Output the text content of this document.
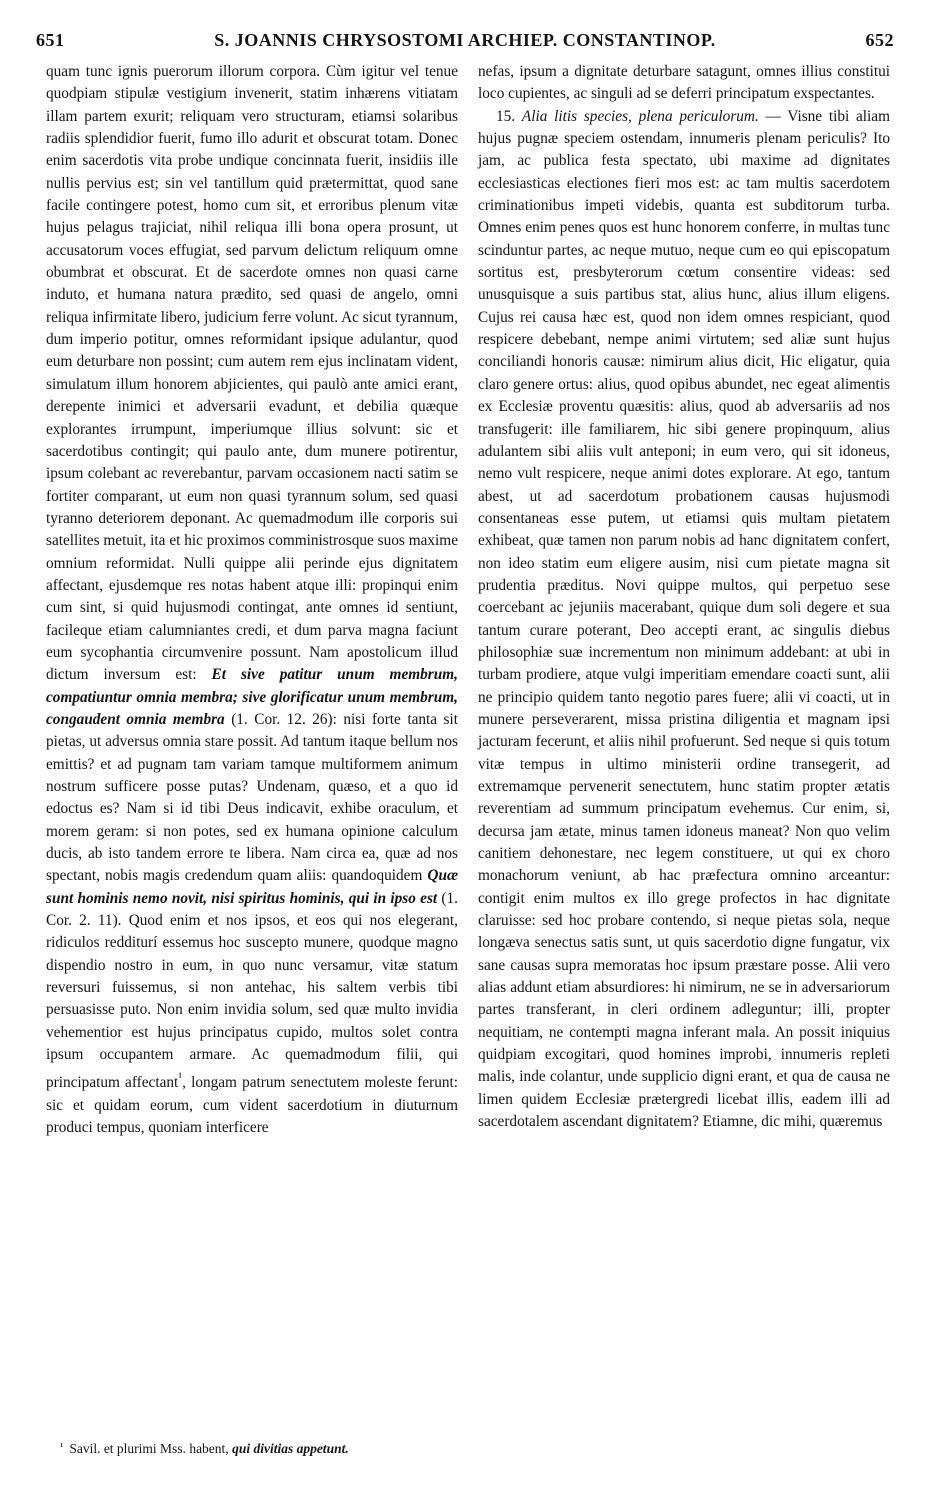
651	S. JOANNIS CHRYSOSTOMI ARCHIEP. CONSTANTINOP.	652

quam tunc ignis puerorum illorum corpora. Cùm igitur vel tenue quodpiam stipulæ vestigium invenerit, statim inhærens vitiatam illam partem exurit; reliquam vero structuram, etiamsi solaribus radiis splendidior fuerit, fumo illo adurit et obscurat totam. Donec enim sacerdotis vita probe undique concinnata fuerit, insidiis ille nullis pervius est; sin vel tantillum quid prætermittat, quod sane facile contingere potest, homo cum sit, et erroribus plenum vitæ hujus pelagus trajiciat, nihil reliqua illi bona opera prosunt, ut accusatorum voces effugiat, sed parvum delictum reliquum omne obumbrat et obscurat. Et de sacerdote omnes non quasi carne induto, et humana natura prædito, sed quasi de angelo, omni reliqua infirmitate libero, judicium ferre volunt. Ac sicut tyrannum, dum imperio potitur, omnes reformidant ipsique adulantur, quod eum deturbare non possint; cum autem rem ejus inclinatam vident, simulatum illum honorem abjicientes, qui paulò ante amici erant, derepente inimici et adversarii evadunt, et debilia quæque explorantes irrumpunt, imperiumque illius solvunt: sic et sacerdotibus contingit; qui paulo ante, dum munere potirentur, ipsum colebant ac reverebantur, parvam occasionem nacti satim se fortiter comparant, ut eum non quasi tyrannum solum, sed quasi tyranno deteriorem deponant. Ac quemadmodum ille corporis sui satellites metuit, ita et hic proximos comministrosque suos maxime omnium reformidat. Nulli quippe alii perinde ejus dignitatem affectant, ejusdemque res notas habent atque illi: propinqui enim cum sint, si quid hujusmodi contingat, ante omnes id sentiunt, facileque etiam calumniantes credi, et dum parva magna faciunt eum sycophantia circumvenire possunt. Nam apostolicum illud dictum inversum est: Et sive patitur unum membrum, compatiuntur omnia membra; sive glorificatur unum membrum, congaudent omnia membra (1. Cor. 12. 26): nisi forte tanta sit pietas, ut adversus omnia stare possit. Ad tantum itaque bellum nos emittis? et ad pugnam tam variam tamque multiformem animum nostrum sufficere posse putas? Undenam, quæso, et a quo id edoctus es? Nam si id tibi Deus indicavit, exhibe oraculum, et morem geram: si non potes, sed ex humana opinione calculum ducis, ab isto tandem errore te libera. Nam circa ea, quæ ad nos spectant, nobis magis credendum quam aliis: quandoquidem Quæ sunt hominis nemo novit, nisi spiritus hominis, qui in ipso est (1. Cor. 2. 11). Quod enim et nos ipsos, et eos qui nos elegerant, ridiculos redditurí essemus hoc suscepto munere, quodque magno dispendio nostro in eum, in quo nunc versamur, vitæ statum reversuri fuissemus, si non antehac, his saltem verbis tibi persuasisse puto. Non enim invidia solum, sed quæ multo invidia vehementior est hujus principatus cupido, multos solet contra ipsum occupantem armare. Ac quemadmodum filii, qui principatum affectant$^{^1}$, longam patrum senectutem moleste ferunt: sic et quidam eorum, cum vident sacerdotium in diuturnum produci tempus, quoniam interficere

nefas, ipsum a dignitate deturbare satagunt, omnes illius constitui loco cupientes, ac singuli ad se deferri principatum exspectantes.

15. Alia litis species, plena periculorum. — Visne tibi aliam hujus pugnæ speciem ostendam, innumeris plenam periculis? Ito jam, ac publica festa spectato, ubi maxime ad dignitates ecclesiasticas electiones fieri mos est: ac tam multis sacerdotem criminationibus impeti videbis, quanta est subditorum turba. Omnes enim penes quos est hunc honorem conferre, in multas tunc scinduntur partes, ac neque mutuo, neque cum eo qui episcopatum sortitus est, presbyterorum cœtum consentire videas: sed unusquisque a suis partibus stat, alius hunc, alius illum eligens. Cujus rei causa hæc est, quod non idem omnes respiciant, quod respicere debebant, nempe animi virtutem; sed aliæ sunt hujus conciliandi honoris causæ: nimirum alius dicit, Hic eligatur, quia claro genere ortus: alius, quod opibus abundet, nec egeat alimentis ex Ecclesiæ proventu quæsitis: alius, quod ab adversariis ad nos transfugerit: ille familiarem, hic sibi genere propinquum, alius adulantem sibi aliis vult anteponi; in eum vero, qui sit idoneus, nemo vult respicere, neque animi dotes explorare. At ego, tantum abest, ut ad sacerdotum probationem causas hujusmodi consentaneas esse putem, ut etiamsi quis multam pietatem exhibeat, quæ tamen non parum nobis ad hanc dignitatem confert, non ideo statim eum eligere ausim, nisi cum pietate magna sit prudentia præditus. Novi quippe multos, qui perpetuo sese coercebant ac jejuniis macerabant, quique dum soli degere et sua tantum curare poterant, Deo accepti erant, ac singulis diebus philosophiæ suæ incrementum non minimum addebant: at ubi in turbam prodiere, atque vulgi imperitiam emendare coacti sunt, alii ne principio quidem tanto negotio pares fuere; alii vi coacti, ut in munere perseverarent, missa pristina diligentia et magnam ipsi jacturam fecerunt, et aliis nihil profuerunt. Sed neque si quis totum vitæ tempus in ultimo ministerii ordine transegerit, ad extremamque pervenerit senectutem, hunc statim propter ætatis reverentiam ad summum principatum evehemus. Cur enim, si, decursa jam ætate, minus tamen idoneus maneat? Non quo velim canitiem dehonestare, nec legem constituere, ut qui ex choro monachorum veniunt, ab hac præfectura omnino arceantur: contigit enim multos ex illo grege profectos in hac dignitate claruisse: sed hoc probare contendo, si neque pietas sola, neque longæva senectus satis sunt, ut quis sacerdotio digne fungatur, vix sane causas supra memoratas hoc ipsum præstare posse. Alii vero alias addunt etiam absurdiores: hi nimirum, ne se in adversariorum partes transferant, in cleri ordinem adleguntur; illi, propter nequitiam, ne contempti magna inferant mala. An possit iniquius quidpiam excogitari, quod homines improbi, innumeris repleti malis, inde colantur, unde supplicio digni erant, et qua de causa ne limen quidem Ecclesiæ prætergredi licebat illis, eadem illi ad sacerdotalem ascendant dignitatem? Etiamne, dic mihi, quæremus

$^{^1}$ Savil. et plurimi Mss. habent, qui divitias appetunt.
